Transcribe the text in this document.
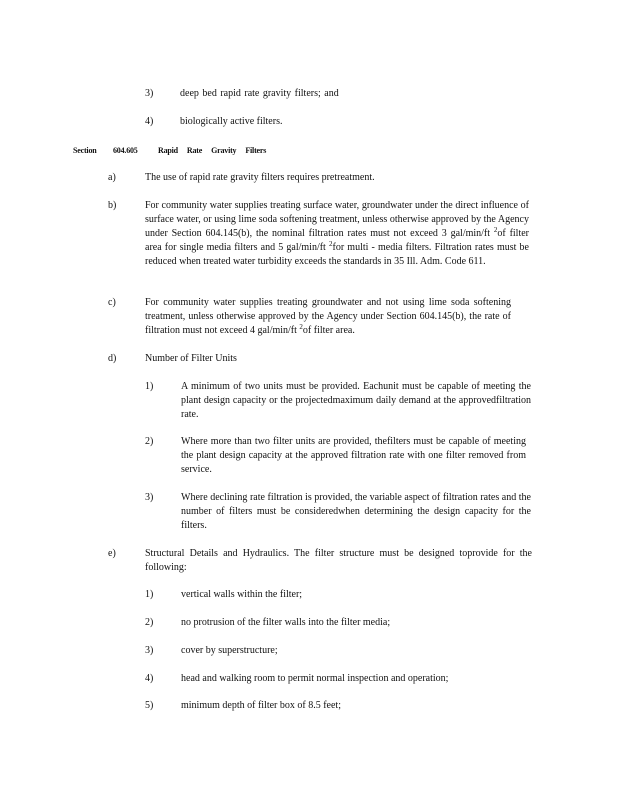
3)	deep bed rapid rate gravity filters; and
4)	biologically active filters.
Section 604.605	Rapid     Rate     Gravity     Filters
a)	The use of rapid rate gravity filters requires pretreatment.
b)	For community water supplies treating surface water, groundwater under the direct influence of surface water, or using lime soda softening treatment, unless otherwise approved by the Agency under Section 604.145(b), the nominal filtration rates must not exceed 3 gal/min/ft $^2$of filter area for single media filters and 5 gal/min/ft $^2$for multi - media filters. Filtration rates must be reduced when treated water turbidity exceeds the standards in 35 Ill. Adm. Code 611.
c)	For community water supplies treating groundwater and not using lime soda softening treatment, unless otherwise approved by the Agency under Section 604.145(b), the rate of filtration must not exceed 4 gal/min/ft $^2$of filter area.
d)	Number of Filter Units
1)	A minimum of two units must be provided. Eachunit must be capable of meeting the plant design capacity or the projectedmaximum daily demand at the approvedfiltration rate.
2)	Where more than two filter units are provided, thefilters must be capable of meeting the plant design capacity at the approved filtration rate with one filter removed from service.
3)	Where declining rate filtration is provided, the variable aspect of filtration rates and the number of filters must be consideredwhen determining the design capacity for the filters.
e)	Structural Details and Hydraulics. The filter structure must be designed toprovide for the following:
1)	vertical walls within the filter;
2)	no protrusion of the filter walls into the filter media;
3)	cover by superstructure;
4)	head and walking room to permit normal inspection and operation;
5)	minimum depth of filter box of 8.5 feet;
